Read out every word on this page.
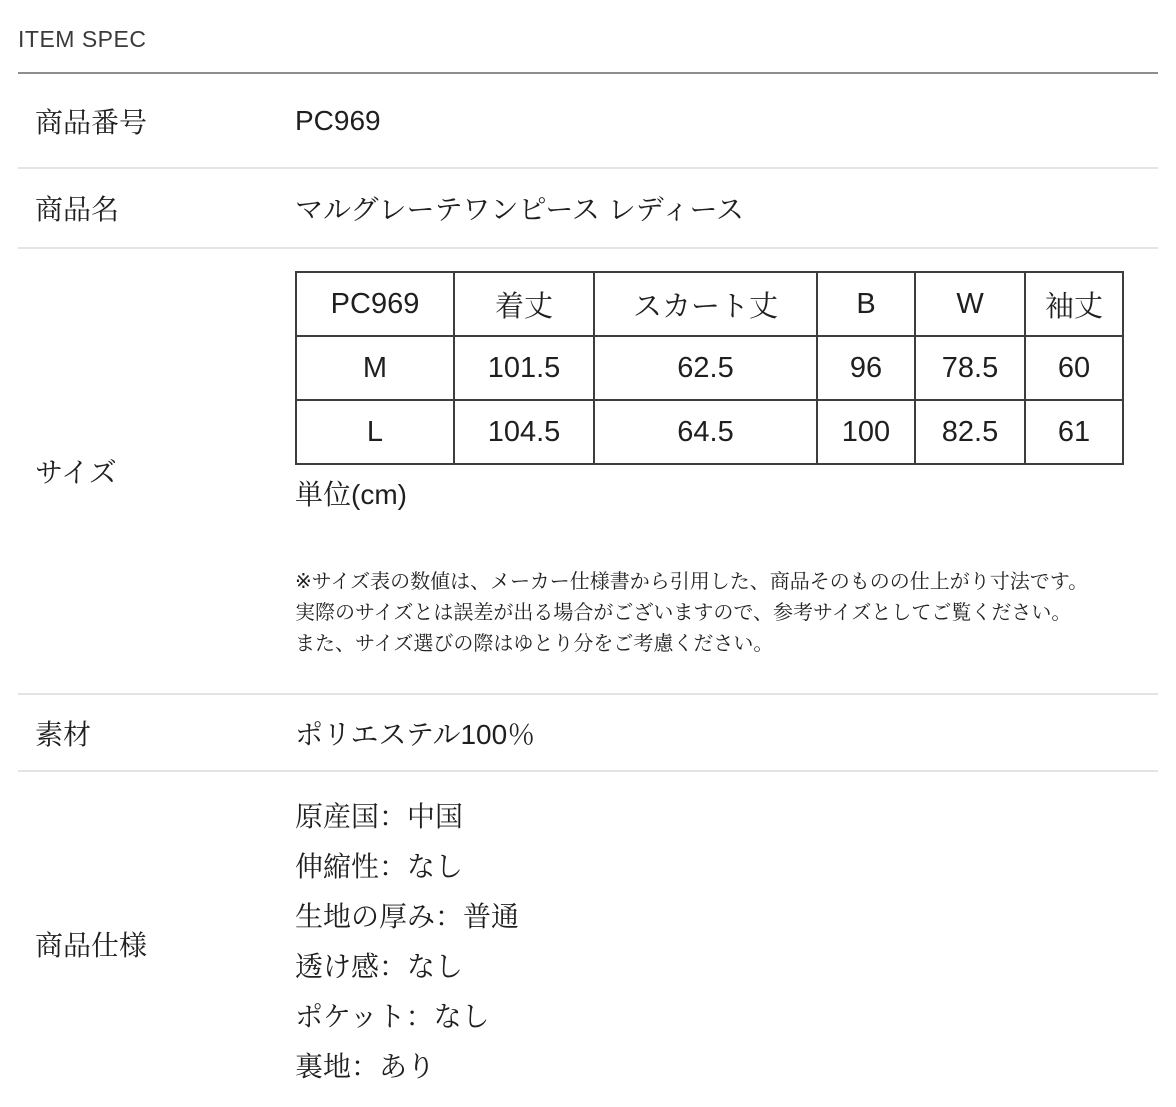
ITEM SPEC
商品番号	PC969
商品名	マルグレーテワンピース レディース
サイズ
PC969	着丈	スカート丈	B	W	袖丈
M	101.5	62.5	96	78.5	60
L	104.5	64.5	100	82.5	61
単位(cm)
※サイズ表の数値は、メーカー仕様書から引用した、商品そのものの仕上がり寸法です。
実際のサイズとは誤差が出る場合がございますので、参考サイズとしてご覧ください。
また、サイズ選びの際はゆとり分をご考慮ください。
素材	ポリエステル100％
商品仕様
原産国：中国
伸縮性：なし
生地の厚み：普通
透け感：なし
ポケット：なし
裏地：あり
